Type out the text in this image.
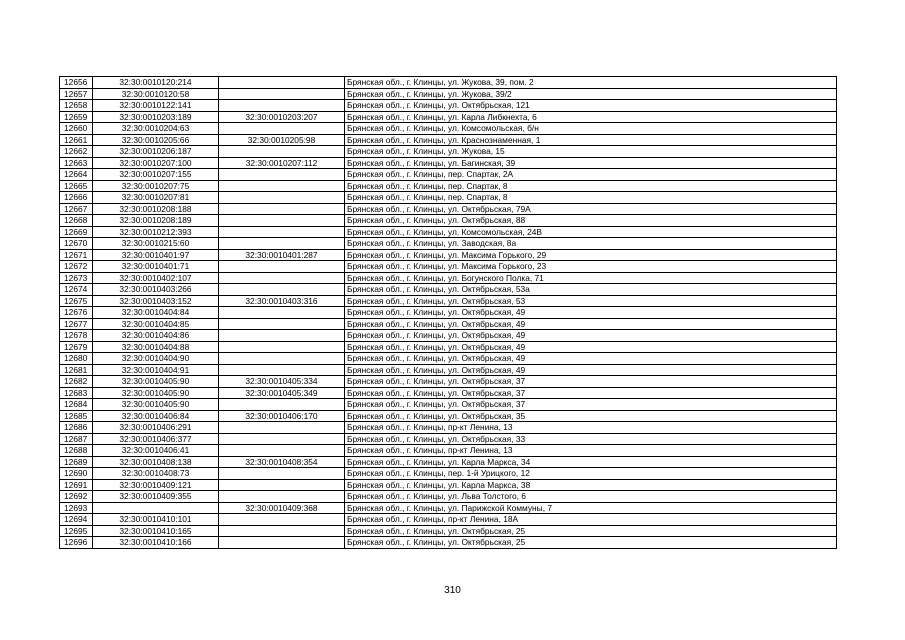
12656	32:30:0010120:214		Брянская обл., г. Клинцы, ул. Жукова, 39, пом. 2
12657	32:30:0010120:58		Брянская обл., г. Клинцы, ул. Жукова, 39/2
12658	32:30:0010122:141		Брянская обл., г. Клинцы, ул. Октябрьская, 121
12659	32:30:0010203:189	32:30:0010203:207	Брянская обл., г. Клинцы, ул. Карла Либкнехта, 6
12660	32:30:0010204:63		Брянская обл., г. Клинцы, ул. Комсомольская, б/н
12661	32:30:0010205:66	32:30:0010205:98	Брянская обл., г. Клинцы, ул. Краснознаменная, 1
12662	32:30:0010206:187		Брянская обл., г. Клинцы, ул. Жукова, 15
12663	32:30:0010207:100	32:30:0010207:112	Брянская обл., г. Клинцы, ул. Багинская, 39
12664	32:30:0010207:155		Брянская обл., г. Клинцы, пер. Спартак, 2А
12665	32:30:0010207:75		Брянская обл., г. Клинцы, пер. Спартак, 8
12666	32:30:0010207:81		Брянская обл., г. Клинцы, пер. Спартак, 8
12667	32:30:0010208:188		Брянская обл., г. Клинцы, ул. Октябрьская, 79А
12668	32:30:0010208:189		Брянская обл., г. Клинцы, ул. Октябрьская, 88
12669	32:30:0010212:393		Брянская обл., г. Клинцы, ул. Комсомольская, 24В
12670	32:30:0010215:60		Брянская обл., г. Клинцы, ул. Заводская, 8а
12671	32:30:0010401:97	32:30:0010401:287	Брянская обл., г. Клинцы, ул. Максима Горького, 29
12672	32:30:0010401:71		Брянская обл., г. Клинцы, ул. Максима Горького, 23
12673	32:30:0010402:107		Брянская обл., г. Клинцы, ул. Богунского Полка, 71
12674	32:30:0010403:266		Брянская обл., г. Клинцы, ул. Октябрьская, 53а
12675	32:30:0010403:152	32:30:0010403:316	Брянская обл., г. Клинцы, ул. Октябрьская, 53
12676	32:30:0010404:84		Брянская обл., г. Клинцы, ул. Октябрьская, 49
12677	32:30:0010404:85		Брянская обл., г. Клинцы, ул. Октябрьская, 49
12678	32:30:0010404:86		Брянская обл., г. Клинцы, ул. Октябрьская, 49
12679	32:30:0010404:88		Брянская обл., г. Клинцы, ул. Октябрьская, 49
12680	32:30:0010404:90		Брянская обл., г. Клинцы, ул. Октябрьская, 49
12681	32:30:0010404:91		Брянская обл., г. Клинцы, ул. Октябрьская, 49
12682	32:30:0010405:90	32:30:0010405:334	Брянская обл., г. Клинцы, ул. Октябрьская, 37
12683	32:30:0010405:90	32:30:0010405:349	Брянская обл., г. Клинцы, ул. Октябрьская, 37
12684	32:30:0010405:90		Брянская обл., г. Клинцы, ул. Октябрьская, 37
12685	32:30:0010406:84	32:30:0010406:170	Брянская обл., г. Клинцы, ул. Октябрьская, 35
12686	32:30:0010406:291		Брянская обл., г. Клинцы, пр-кт Ленина, 13
12687	32:30:0010406:377		Брянская обл., г. Клинцы, ул. Октябрьская, 33
12688	32:30:0010406:41		Брянская обл., г. Клинцы, пр-кт Ленина, 13
12689	32:30:0010408:138	32:30:0010408:354	Брянская обл., г. Клинцы, ул. Карла Маркса, 34
12690	32:30:0010408:73		Брянская обл., г. Клинцы, пер. 1-й Урицкого, 12
12691	32:30:0010409:121		Брянская обл., г. Клинцы, ул. Карла Маркса, 38
12692	32:30:0010409:355		Брянская обл., г. Клинцы, ул. Льва Толстого, 6
12693		32:30:0010409:368	Брянская обл., г. Клинцы, ул. Парижской Коммуны, 7
12694	32:30:0010410:101		Брянская обл., г. Клинцы, пр-кт Ленина, 18А
12695	32:30:0010410:165		Брянская обл., г. Клинцы, ул. Октябрьская, 25
12696	32:30:0010410:166		Брянская обл., г. Клинцы, ул. Октябрьская, 25
310
